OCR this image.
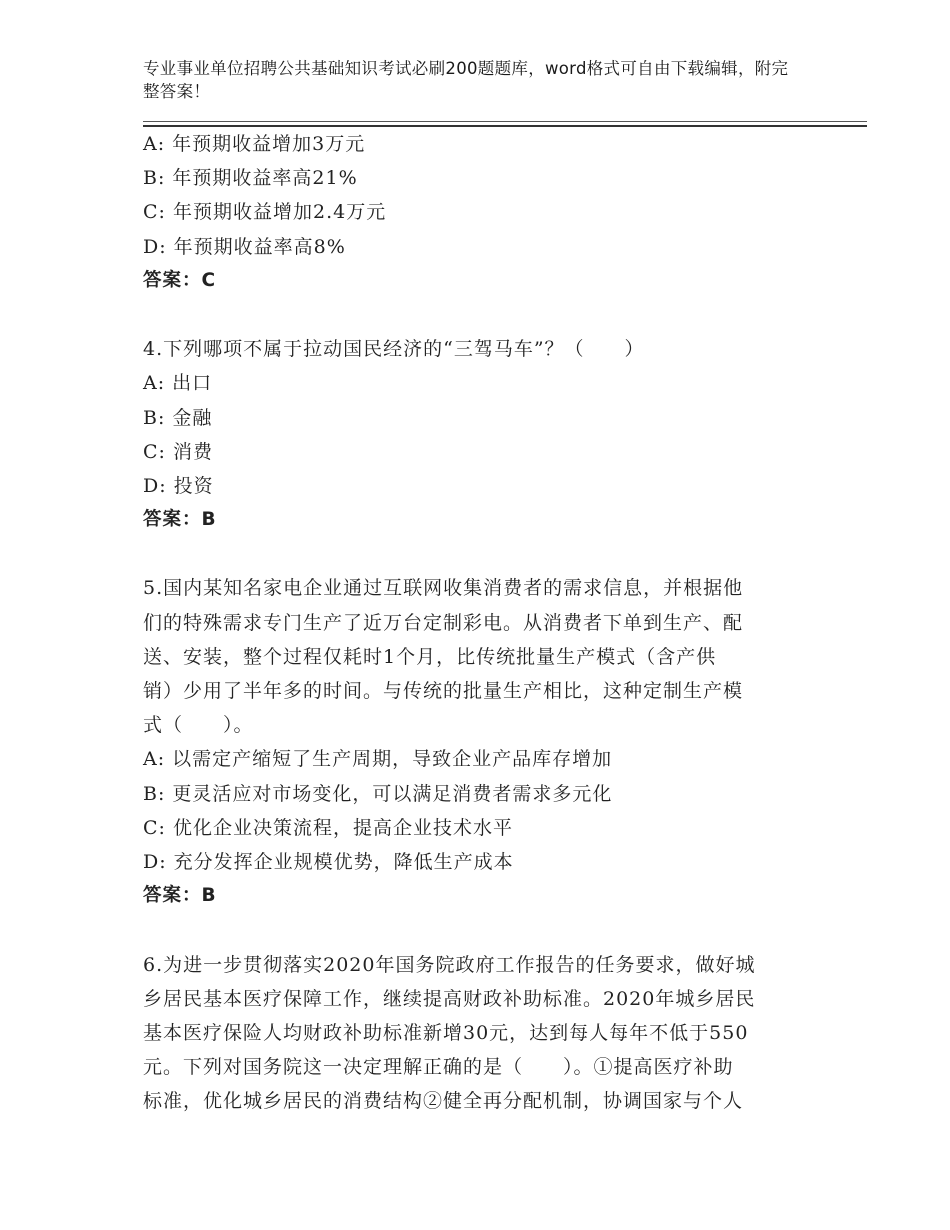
专业事业单位招聘公共基础知识考试必刷200题题库，word格式可自由下载编辑，附完整答案！
A: 年预期收益增加3万元
B: 年预期收益率高21%
C: 年预期收益增加2.4万元
D: 年预期收益率高8%
答案：C
4.下列哪项不属于拉动国民经济的“三驾马车”？（　　）
A: 出口
B: 金融
C: 消费
D: 投资
答案：B
5.国内某知名家电企业通过互联网收集消费者的需求信息，并根据他
们的特殊需求专门生产了近万台定制彩电。从消费者下单到生产、配
送、安装，整个过程仅耗时1个月，比传统批量生产模式（含产供
销）少用了半年多的时间。与传统的批量生产相比，这种定制生产模
式（　　）。
A: 以需定产缩短了生产周期，导致企业产品库存增加
B: 更灵活应对市场变化，可以满足消费者需求多元化
C: 优化企业决策流程，提高企业技术水平
D: 充分发挥企业规模优势，降低生产成本
答案：B
6.为进一步贯彻落实2020年国务院政府工作报告的任务要求，做好城
乡居民基本医疗保障工作，继续提高财政补助标准。2020年城乡居民
基本医疗保险人均财政补助标准新增30元，达到每人每年不低于550
元。下列对国务院这一决定理解正确的是（　　）。①提高医疗补助
标准，优化城乡居民的消费结构②健全再分配机制，协调国家与个人
